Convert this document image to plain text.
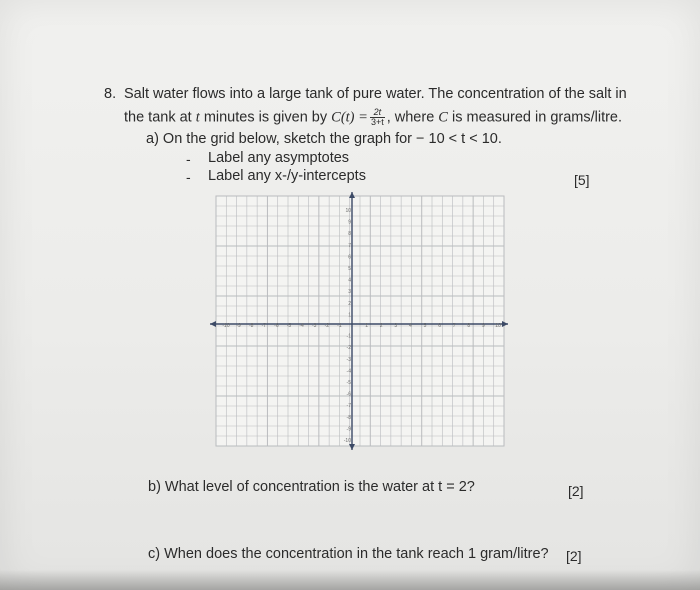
8. Salt water flows into a large tank of pure water. The concentration of the salt in
the tank at t minutes is given by $C(t) = \frac{2t}{3+t}$ , where C is measured in grams/litre.
a) On the grid below, sketch the graph for − 10 < t < 10.
-
-
Label any asymptotes
Label any x-/y-intercepts	[5]
-10 -9 -8 -7 -6 -5 -4 -3 -2 -1	1 2 3 4 5 6 7 8 9 10
10
9
8
7
6
5
4
3
2
1
-1
-2
-3
-4
-5
-6
-7
-8
-9
-10
b) What level of concentration is the water at t = 2?	[2]
c) When does the concentration in the tank reach 1 gram/litre? [2]
